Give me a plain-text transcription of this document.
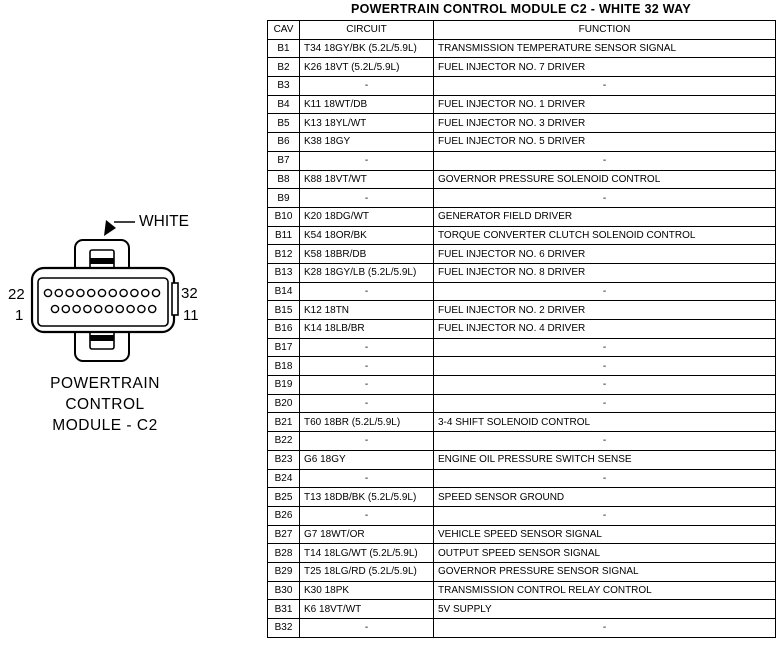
WHITE
22
1
32
11
POWERTRAIN
CONTROL
MODULE - C2
POWERTRAIN CONTROL MODULE C2 - WHITE 32 WAY
CAV	CIRCUIT	FUNCTION
B1	T34 18GY/BK (5.2L/5.9L)	TRANSMISSION TEMPERATURE SENSOR SIGNAL
B2	K26 18VT (5.2L/5.9L)	FUEL INJECTOR NO. 7 DRIVER
B3	-	-
B4	K11 18WT/DB	FUEL INJECTOR NO. 1 DRIVER
B5	K13 18YL/WT	FUEL INJECTOR NO. 3 DRIVER
B6	K38 18GY	FUEL INJECTOR NO. 5 DRIVER
B7	-	-
B8	K88 18VT/WT	GOVERNOR PRESSURE SOLENOID CONTROL
B9	-	-
B10	K20 18DG/WT	GENERATOR FIELD DRIVER
B11	K54 18OR/BK	TORQUE CONVERTER CLUTCH SOLENOID CONTROL
B12	K58 18BR/DB	FUEL INJECTOR NO. 6 DRIVER
B13	K28 18GY/LB (5.2L/5.9L)	FUEL INJECTOR NO. 8 DRIVER
B14	-	-
B15	K12 18TN	FUEL INJECTOR NO. 2 DRIVER
B16	K14 18LB/BR	FUEL INJECTOR NO. 4 DRIVER
B17	-	-
B18	-	-
B19	-	-
B20	-	-
B21	T60 18BR (5.2L/5.9L)	3-4 SHIFT SOLENOID CONTROL
B22	-	-
B23	G6 18GY	ENGINE OIL PRESSURE SWITCH SENSE
B24	-	-
B25	T13 18DB/BK (5.2L/5.9L)	SPEED SENSOR GROUND
B26	-	-
B27	G7 18WT/OR	VEHICLE SPEED SENSOR SIGNAL
B28	T14 18LG/WT (5.2L/5.9L)	OUTPUT SPEED SENSOR SIGNAL
B29	T25 18LG/RD (5.2L/5.9L)	GOVERNOR PRESSURE SENSOR SIGNAL
B30	K30 18PK	TRANSMISSION CONTROL RELAY CONTROL
B31	K6 18VT/WT	5V SUPPLY
B32	-	-
